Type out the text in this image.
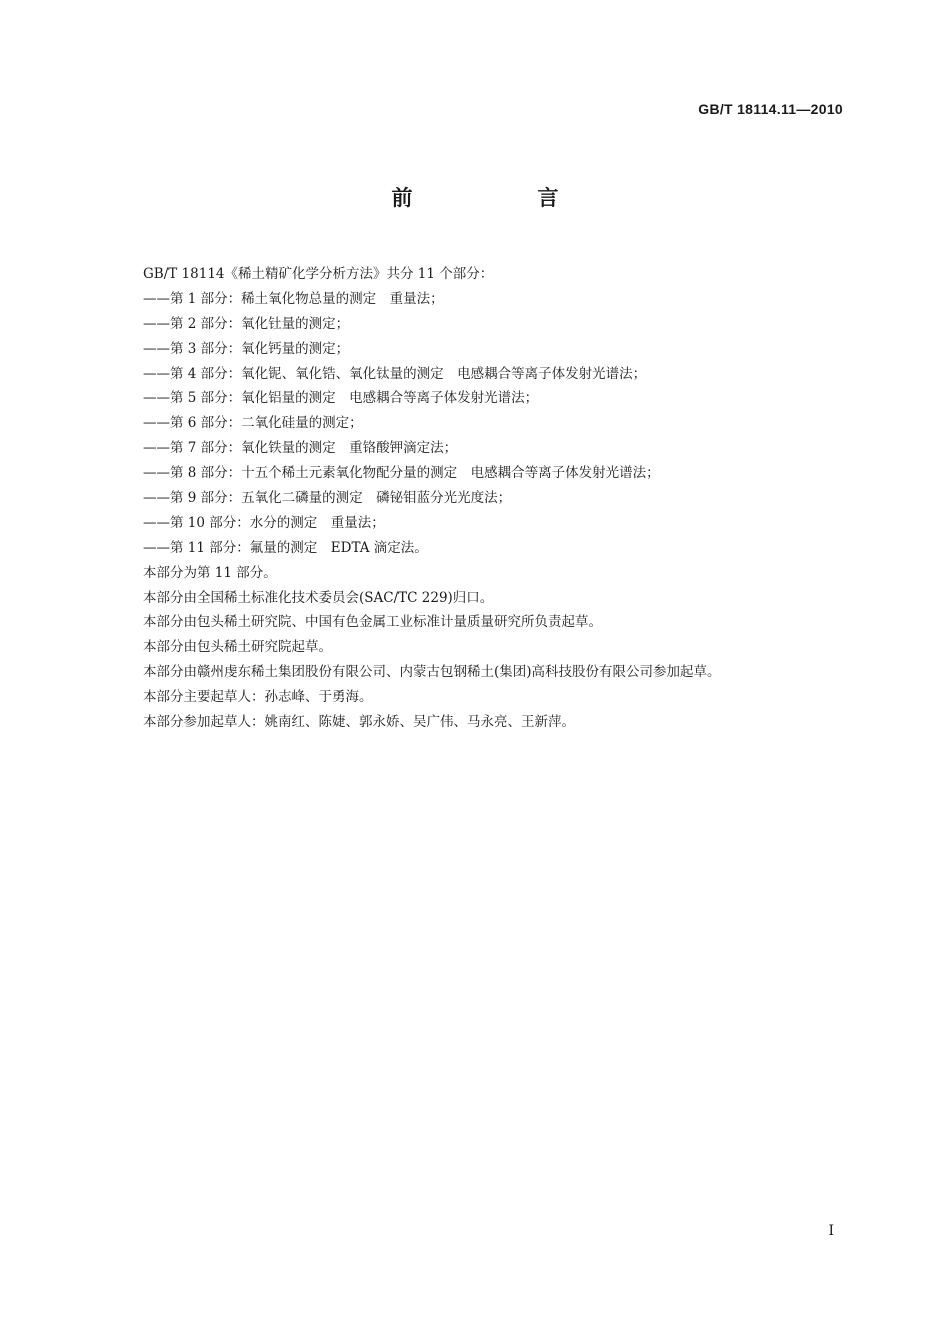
GB/T 18114.11—2010
前　言
GB/T 18114《稀土精矿化学分析方法》共分 11 个部分：
——第 1 部分：稀土氧化物总量的测定　重量法；
——第 2 部分：氧化钍量的测定；
——第 3 部分：氧化钙量的测定；
——第 4 部分：氧化铌、氧化锆、氧化钛量的测定　电感耦合等离子体发射光谱法；
——第 5 部分：氧化铝量的测定　电感耦合等离子体发射光谱法；
——第 6 部分：二氧化硅量的测定；
——第 7 部分：氧化铁量的测定　重铬酸钾滴定法；
——第 8 部分：十五个稀土元素氧化物配分量的测定　电感耦合等离子体发射光谱法；
——第 9 部分：五氧化二磷量的测定　磷铋钼蓝分光光度法；
——第 10 部分：水分的测定　重量法；
——第 11 部分：氟量的测定　EDTA 滴定法。
本部分为第 11 部分。
本部分由全国稀土标准化技术委员会(SAC/TC 229)归口。
本部分由包头稀土研究院、中国有色金属工业标准计量质量研究所负责起草。
本部分由包头稀土研究院起草。
本部分由赣州虔东稀土集团股份有限公司、内蒙古包钢稀土(集团)高科技股份有限公司参加起草。
本部分主要起草人：孙志峰、于勇海。
本部分参加起草人：姚南红、陈婕、郭永娇、吴广伟、马永亮、王新萍。
I
